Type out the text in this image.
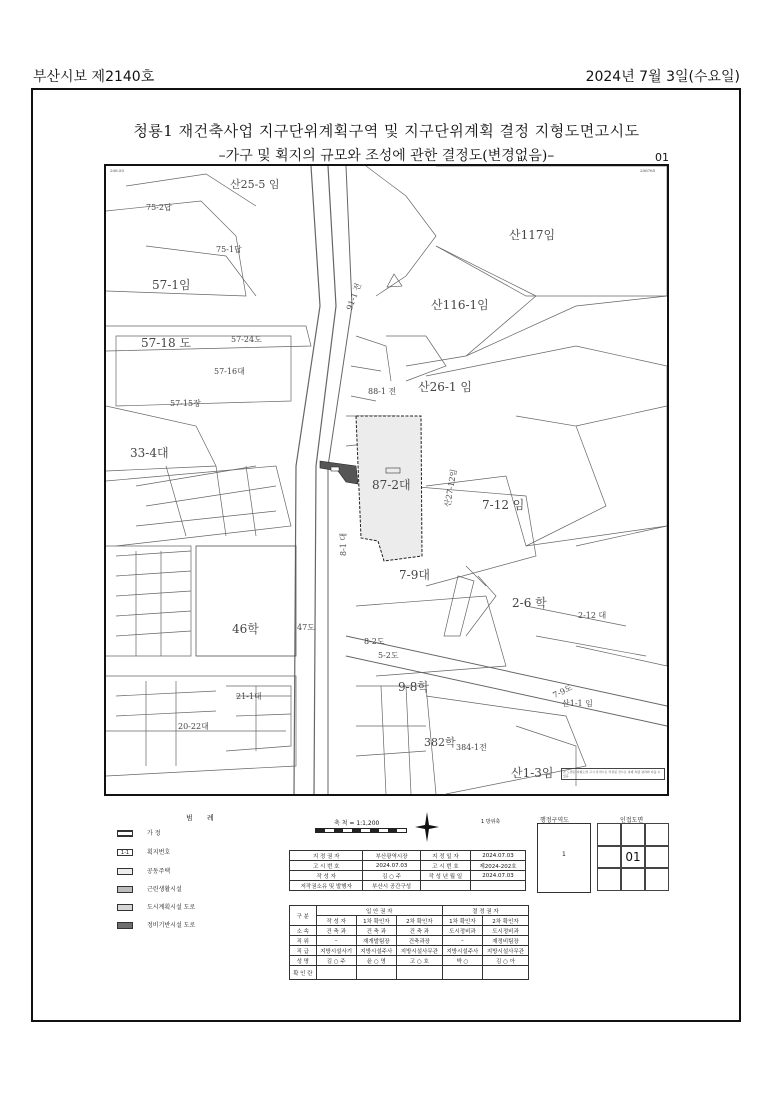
부산시보 제2140호	2024년 7월 3일(수요일)
청룡1 재건축사업 지구단위계획구역 및 지구단위계획 결정 지형도면고시도
–가구 및 획지의 규모와 조성에 관한 결정도(변경없음)–	01
산25-5 임
75-2답
75-1답
산117임
57-1임
산116-1임
57-18 도	57-24도
57-16대
57-15장
88-1 전 산26-1 임
33-4대
87-2대
7-12 임
7-9대
46학	47도
2-6 학
2-12 대
8-2도
9-8학
21-1대
20-22대
382학 384-1전
산1-3임
산1-1 임
산27-12임
91-1 전
8-1 대
5-2도
7-9도
206.50	206765
본 도면은 지형도면 고시 목적으로 작성된 것으로 실제 측량 결과와 다를 수 있음
범 례
가 정
1-1	획지번호
공동주택
근린생활시설
도시계획시설 도로
정비기반시설 도로
축 척 = 1:1,200	1 방위축
지 정 권 자	부산광역시장	지 정 일 자	2024.07.03
고 시 번 호	2024.07.03	고 시 번 호	제2024-202호
작 성 자	김 ○ 주	작 성 년 월 일	2024.07.03
저작권소유 및 발행자	부산시 공간구성		
구 분	입 안 권 자			결 정 권 자	
	작 성 자	1차 확인자	2차 확인자	1차 확인자	2차 확인자
소 속	건 축 과	건 축 과	건 축 과	도시정비과	도시정비과
직 위	–	재개발팀장	건축과장	–	재정비팀장
직 급	지방시설사기	지방시설주사	지방시설사무관	지방시설주사	지방시설사무관
성 명	김 ○ 주	윤 ○ 영	고 ○ 호	박 ○	김 ○ 아
확 인 란					
행정구역도
1
인접도면
01
